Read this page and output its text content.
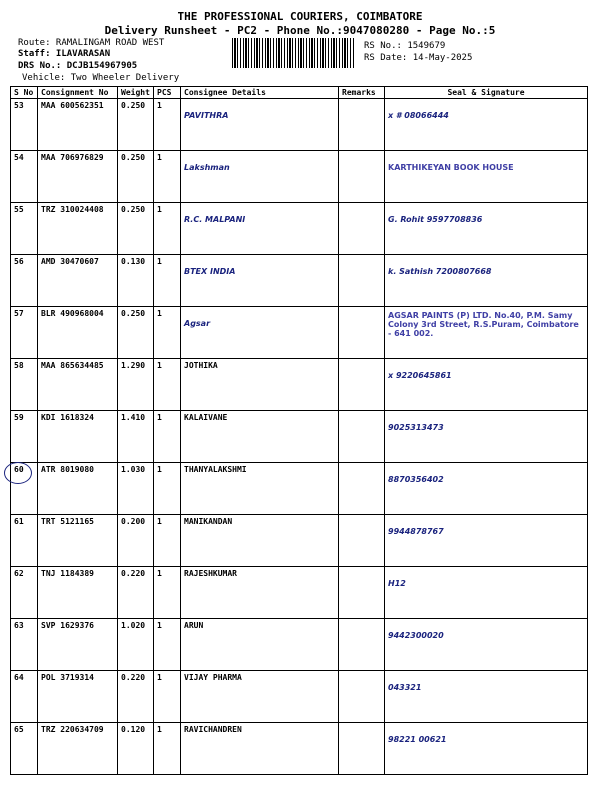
THE PROFESSIONAL COURIERS, COIMBATORE
Delivery Runsheet - PC2 - Phone No.:9047080280 - Page No.:5
Route: RAMALINGAM ROAD WEST
Staff: ILAVARASAN
DRS No.: DCJB154967905
Vehicle: Two Wheeler Delivery
RS No.: 1549679
RS Date: 14-May-2025
S No	Consignment No	Weight	PCS	Consignee Details	Remarks	Seal & Signature
53	MAA 600562351	0.250	1	PAVITHRA		x # 08066444
54	MAA 706976829	0.250	1	Lakshman		KARTHIKEYAN BOOK HOUSE
55	TRZ 310024408	0.250	1	R.C. MALPANI		G. Rohit 9597708836
56	AMD 30470607	0.130	1	BTEX INDIA		k. Sathish 7200807668
57	BLR 490968004	0.250	1	Agsar		AGSAR PAINTS (P) LTD. No.40, P.M. Samy Colony 3rd Street, R.S.Puram, Coimbatore - 641 002.
58	MAA 865634485	1.290	1	JOTHIKA		x 9220645861
59	KDI 1618324	1.410	1	KALAIVANE		9025313473
60	ATR 8019080	1.030	1	THANYALAKSHMI		8870356402
61	TRT 5121165	0.200	1	MANIKANDAN		9944878767
62	TNJ 1184389	0.220	1	RAJESHKUMAR		H12
63	SVP 1629376	1.020	1	ARUN		9442300020
64	POL 3719314	0.220	1	VIJAY PHARMA		043321
65	TRZ 220634709	0.120	1	RAVICHANDREN		98221 00621
